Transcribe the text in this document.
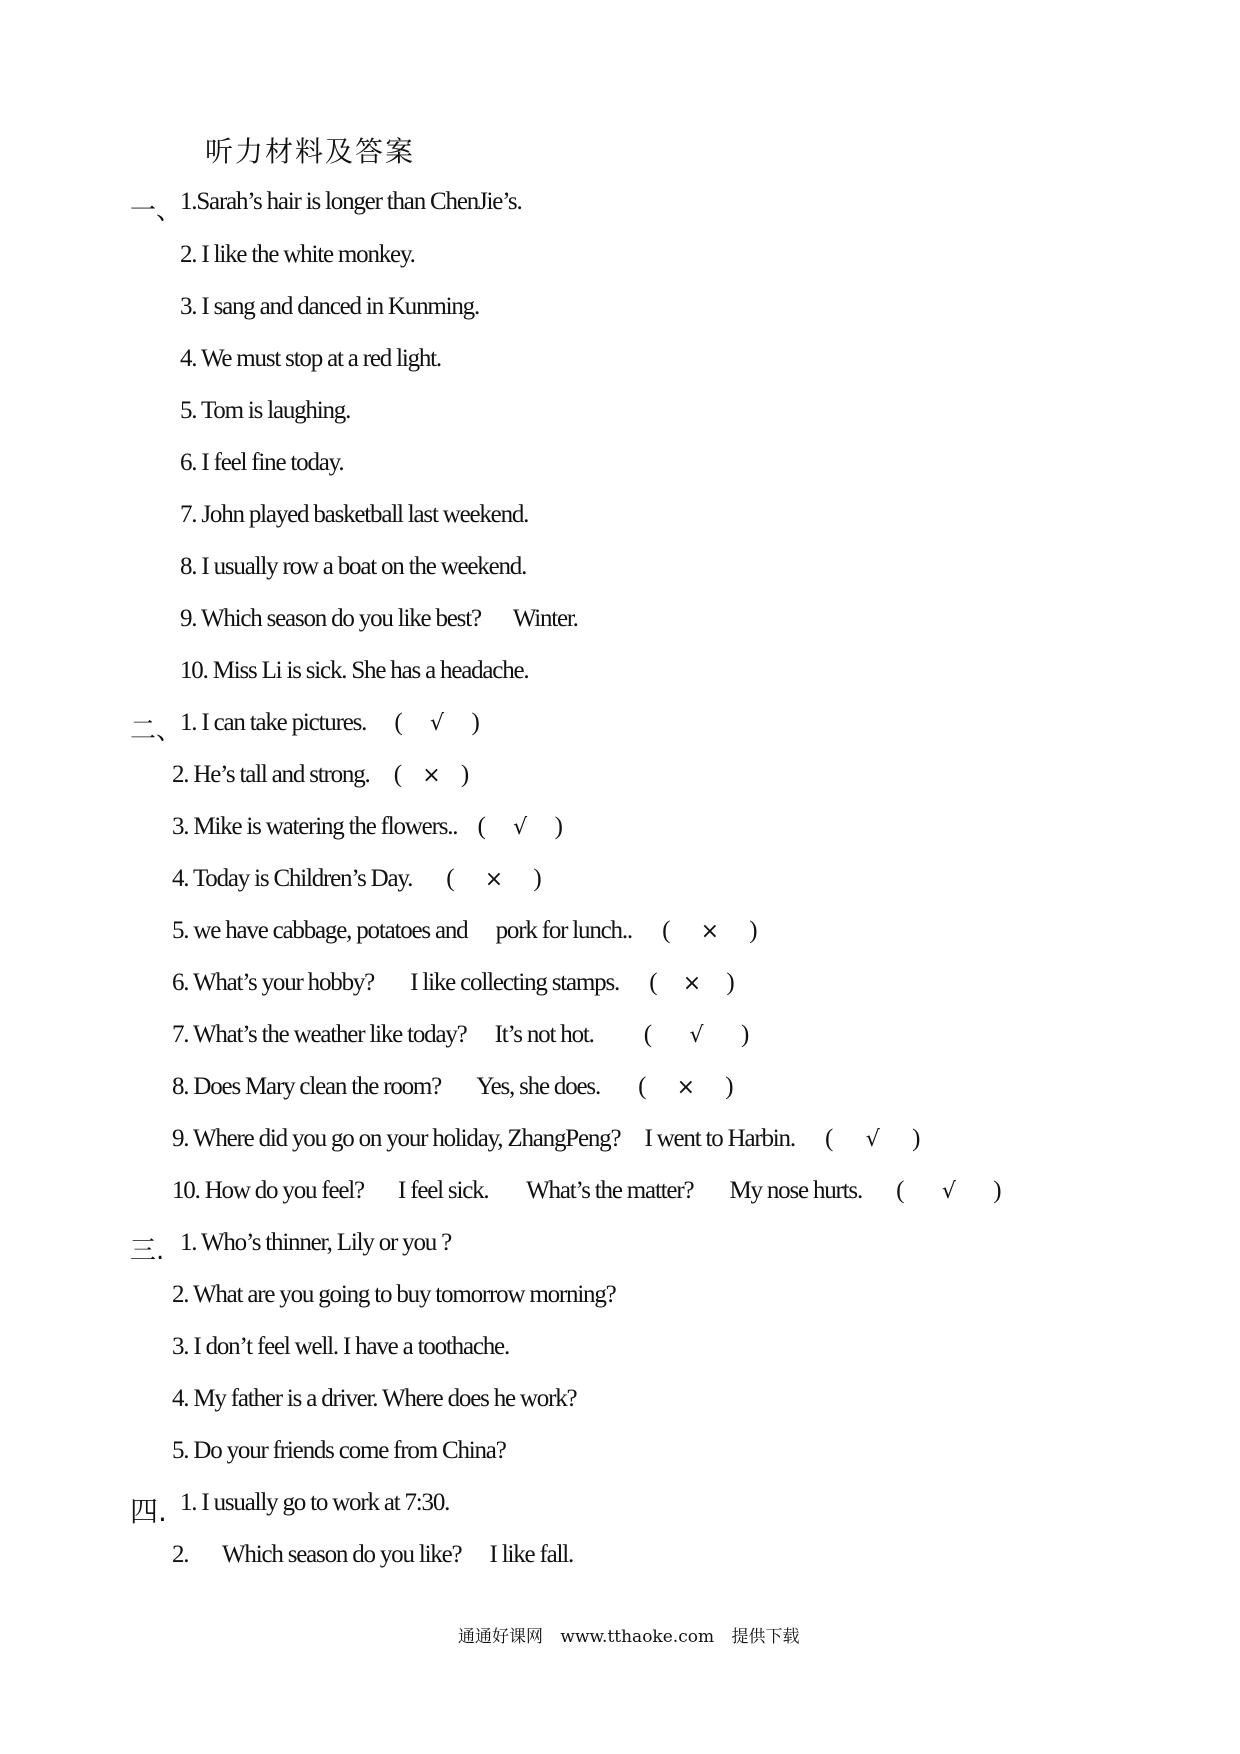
听力材料及答案
一、
1.Sarah’s hair is longer than ChenJie’s.
2. I like the white monkey.
3. I sang and danced in Kunming.
4. We must stop at a red light.
5. Tom is laughing.
6. I feel fine today.
7. John played basketball last weekend.
8. I usually row a boat on the weekend.
9. Which season do you like best? Winter.
10. Miss Li is sick. She has a headache.
二、
1. I can take pictures. ( √ )
2. He’s tall and strong. ( × )
3. Mike is watering the flowers.. ( √ )
4. Today is Children’s Day. ( × )
5. we have cabbage, potatoes and pork for lunch.. ( × )
6. What’s your hobby? I like collecting stamps. ( × )
7. What’s the weather like today? It’s not hot. ( √ )
8. Does Mary clean the room? Yes, she does. ( × )
9. Where did you go on your holiday, ZhangPeng? I went to Harbin. ( √ )
10. How do you feel? I feel sick. What’s the matter? My nose hurts. ( √ )
三. 1. Who’s thinner, Lily or you ?
2. What are you going to buy tomorrow morning?
3. I don’t feel well. I have a toothache.
4. My father is a driver. Where does he work?
5. Do your friends come from China?
四. 1. I usually go to work at 7:30.
2. Which season do you like? I like fall.
通通好课网 www.tthaoke.com 提供下载
